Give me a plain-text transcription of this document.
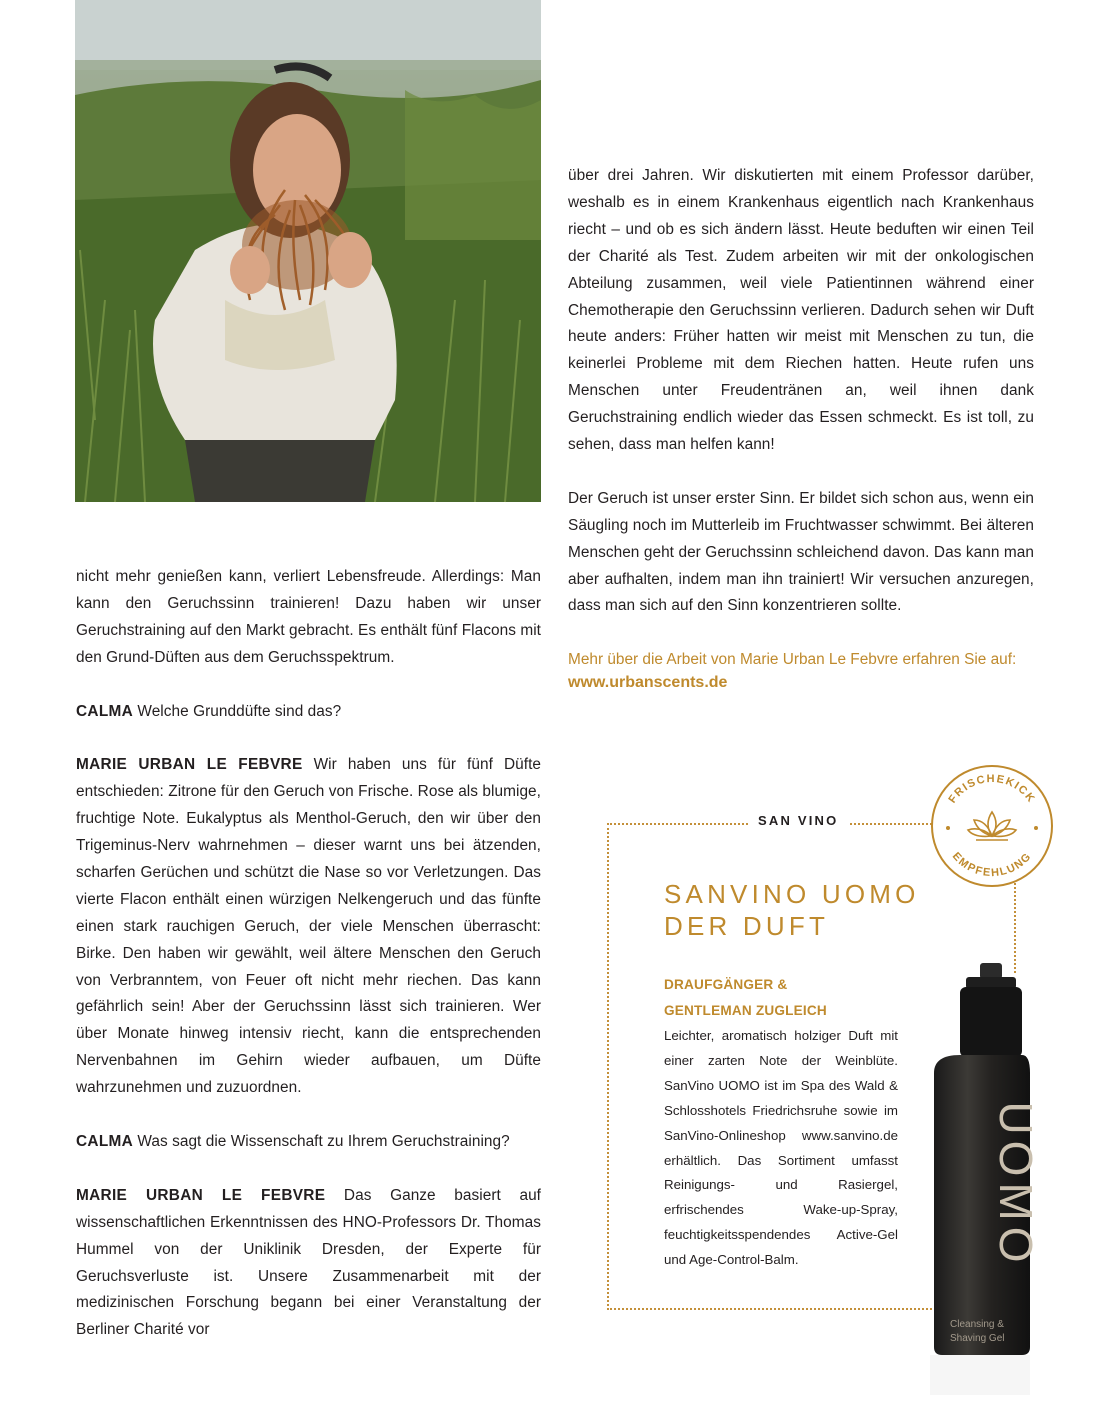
nicht mehr genießen kann, verliert Lebensfreude. Allerdings: Man kann den Geruchssinn trainieren! Dazu haben wir unser Geruchstraining auf den Markt gebracht. Es enthält fünf Flacons mit den Grund-Düften aus dem Geruchsspektrum.

CALMA Welche Grunddüfte sind das?

MARIE URBAN LE FEBVRE Wir haben uns für fünf Düfte entschieden: Zitrone für den Geruch von Frische. Rose als blumige, fruchtige Note. Eukalyptus als Menthol-Geruch, den wir über den Trigeminus-Nerv wahrnehmen – dieser warnt uns bei ätzenden, scharfen Gerüchen und schützt die Nase so vor Verletzungen. Das vierte Flacon enthält einen würzigen Nelkengeruch und das fünfte einen stark rauchigen Geruch, der viele Menschen überrascht: Birke. Den haben wir gewählt, weil ältere Menschen den Geruch von Verbranntem, von Feuer oft nicht mehr riechen. Das kann gefährlich sein! Aber der Geruchssinn lässt sich trainieren. Wer über Monate hinweg intensiv riecht, kann die entsprechenden Nervenbahnen im Gehirn wieder aufbauen, um Düfte wahrzunehmen und zuzuordnen.

CALMA Was sagt die Wissenschaft zu Ihrem Geruchstraining?

MARIE URBAN LE FEBVRE Das Ganze basiert auf wissenschaftlichen Erkenntnissen des HNO-Professors Dr. Thomas Hummel von der Uniklinik Dresden, der Experte für Geruchsverluste ist. Unsere Zusammenarbeit mit der medizinischen Forschung begann bei einer Veranstaltung der Berliner Charité vor

über drei Jahren. Wir diskutierten mit einem Professor darüber, weshalb es in einem Krankenhaus eigentlich nach Krankenhaus riecht – und ob es sich ändern lässt. Heute beduften wir einen Teil der Charité als Test. Zudem arbeiten wir mit der onkologischen Abteilung zusammen, weil viele Patientinnen während einer Chemotherapie den Geruchssinn verlieren. Dadurch sehen wir Duft heute anders: Früher hatten wir meist mit Menschen zu tun, die keinerlei Probleme mit dem Riechen hatten. Heute rufen uns Menschen unter Freudentränen an, weil ihnen dank Geruchstraining endlich wieder das Essen schmeckt. Es ist toll, zu sehen, dass man helfen kann!

Der Geruch ist unser erster Sinn. Er bildet sich schon aus, wenn ein Säugling noch im Mutterleib im Fruchtwasser schwimmt. Bei älteren Menschen geht der Geruchssinn schleichend davon. Das kann man aber aufhalten, indem man ihn trainiert! Wir versuchen anzuregen, dass man sich auf den Sinn konzentrieren sollte.

Mehr über die Arbeit von Marie Urban Le Febvre erfahren Sie auf:

www.urbanscents.de
SAN VINO
FRISCHEKICK
EMPFEHLUNG
SANVINO UOMO
DER DUFT
DRAUFGÄNGER &
GENTLEMAN ZUGLEICH

Leichter, aromatisch holziger Duft mit einer zarten Note der Weinblüte. SanVino UOMO ist im Spa des Wald & Schlosshotels Friedrichsruhe sowie im SanVino-Onlineshop www.sanvino.de erhältlich. Das Sortiment umfasst Reinigungs- und Rasiergel, erfrischendes Wake-up-Spray, feuchtigkeitsspendendes Active-Gel und Age-Control-Balm.	UOMO
Cleansing &
Shaving Gel
